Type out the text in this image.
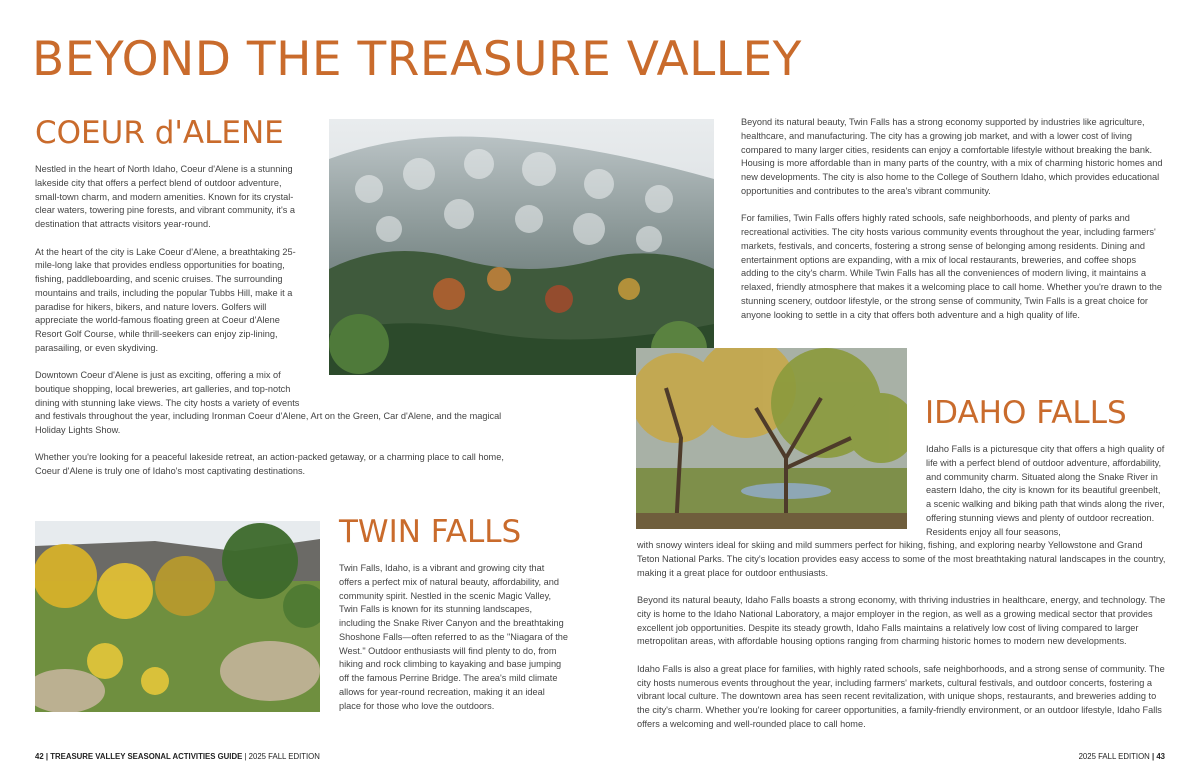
BEYOND THE TREASURE VALLEY
COEUR d'ALENE

Nestled in the heart of North Idaho, Coeur d'Alene is a stunning lakeside city that offers a perfect blend of outdoor adventure, small-town charm, and modern amenities. Known for its crystal-clear waters, towering pine forests, and vibrant community, it's a destination that attracts visitors year-round.

At the heart of the city is Lake Coeur d'Alene, a breathtaking 25-mile-long lake that provides endless opportunities for boating, fishing, paddleboarding, and scenic cruises. The surrounding mountains and trails, including the popular Tubbs Hill, make it a paradise for hikers, bikers, and nature lovers. Golfers will appreciate the world-famous floating green at Coeur d'Alene Resort Golf Course, while thrill-seekers can enjoy zip-lining, parasailing, or even skydiving.

Downtown Coeur d'Alene is just as exciting, offering a mix of boutique shopping, local breweries, art galleries, and top-notch dining with stunning lake views. The city hosts a variety of events

and festivals throughout the year, including Ironman Coeur d'Alene, Art on the Green, Car d'Alene, and the magical Holiday Lights Show.

Whether you're looking for a peaceful lakeside retreat, an action-packed getaway, or a charming place to call home, Coeur d'Alene is truly one of Idaho's most captivating destinations.

Beyond its natural beauty, Twin Falls has a strong economy supported by industries like agriculture, healthcare, and manufacturing. The city has a growing job market, and with a lower cost of living compared to many larger cities, residents can enjoy a comfortable lifestyle without breaking the bank. Housing is more affordable than in many parts of the country, with a mix of charming historic homes and new developments. The city is also home to the College of Southern Idaho, which provides educational opportunities and contributes to the area's vibrant community.

For families, Twin Falls offers highly rated schools, safe neighborhoods, and plenty of parks and recreational activities. The city hosts various community events throughout the year, including farmers' markets, festivals, and concerts, fostering a strong sense of belonging among residents. Dining and entertainment options are expanding, with a mix of local restaurants, breweries, and coffee shops adding to the city's charm. While Twin Falls has all the conveniences of modern living, it maintains a relaxed, friendly atmosphere that makes it a welcoming place to call home. Whether you're drawn to the stunning scenery, outdoor lifestyle, or the strong sense of community, Twin Falls is a great choice for anyone looking to settle in a city that offers both adventure and a high quality of life.

IDAHO FALLS

Idaho Falls is a picturesque city that offers a high quality of life with a perfect blend of outdoor adventure, affordability, and community charm. Situated along the Snake River in eastern Idaho, the city is known for its beautiful greenbelt, a scenic walking and biking path that winds along the river, offering stunning views and plenty of outdoor recreation. Residents enjoy all four seasons,

with snowy winters ideal for skiing and mild summers perfect for hiking, fishing, and exploring nearby Yellowstone and Grand Teton National Parks. The city's location provides easy access to some of the most breathtaking natural landscapes in the country, making it a great place for outdoor enthusiasts.

Beyond its natural beauty, Idaho Falls boasts a strong economy, with thriving industries in healthcare, energy, and technology. The city is home to the Idaho National Laboratory, a major employer in the region, as well as a growing medical sector that provides excellent job opportunities. Despite its steady growth, Idaho Falls maintains a relatively low cost of living compared to larger metropolitan areas, with affordable housing options ranging from charming historic homes to modern new developments.

Idaho Falls is also a great place for families, with highly rated schools, safe neighborhoods, and a strong sense of community. The city hosts numerous events throughout the year, including farmers' markets, cultural festivals, and outdoor concerts, fostering a vibrant local culture. The downtown area has seen recent revitalization, with unique shops, restaurants, and breweries adding to the city's charm. Whether you're looking for career opportunities, a family-friendly environment, or an outdoor lifestyle, Idaho Falls offers a welcoming and well-rounded place to call home.

TWIN FALLS

Twin Falls, Idaho, is a vibrant and growing city that offers a perfect mix of natural beauty, affordability, and community spirit. Nestled in the scenic Magic Valley, Twin Falls is known for its stunning landscapes, including the Snake River Canyon and the breathtaking Shoshone Falls—often referred to as the "Niagara of the West." Outdoor enthusiasts will find plenty to do, from hiking and rock climbing to kayaking and base jumping off the famous Perrine Bridge. The area's mild climate allows for year-round recreation, making it an ideal place for those who love the outdoors.

42 | TREASURE VALLEY SEASONAL ACTIVITIES GUIDE | 2025 FALL EDITION	2025 FALL EDITION | 43
